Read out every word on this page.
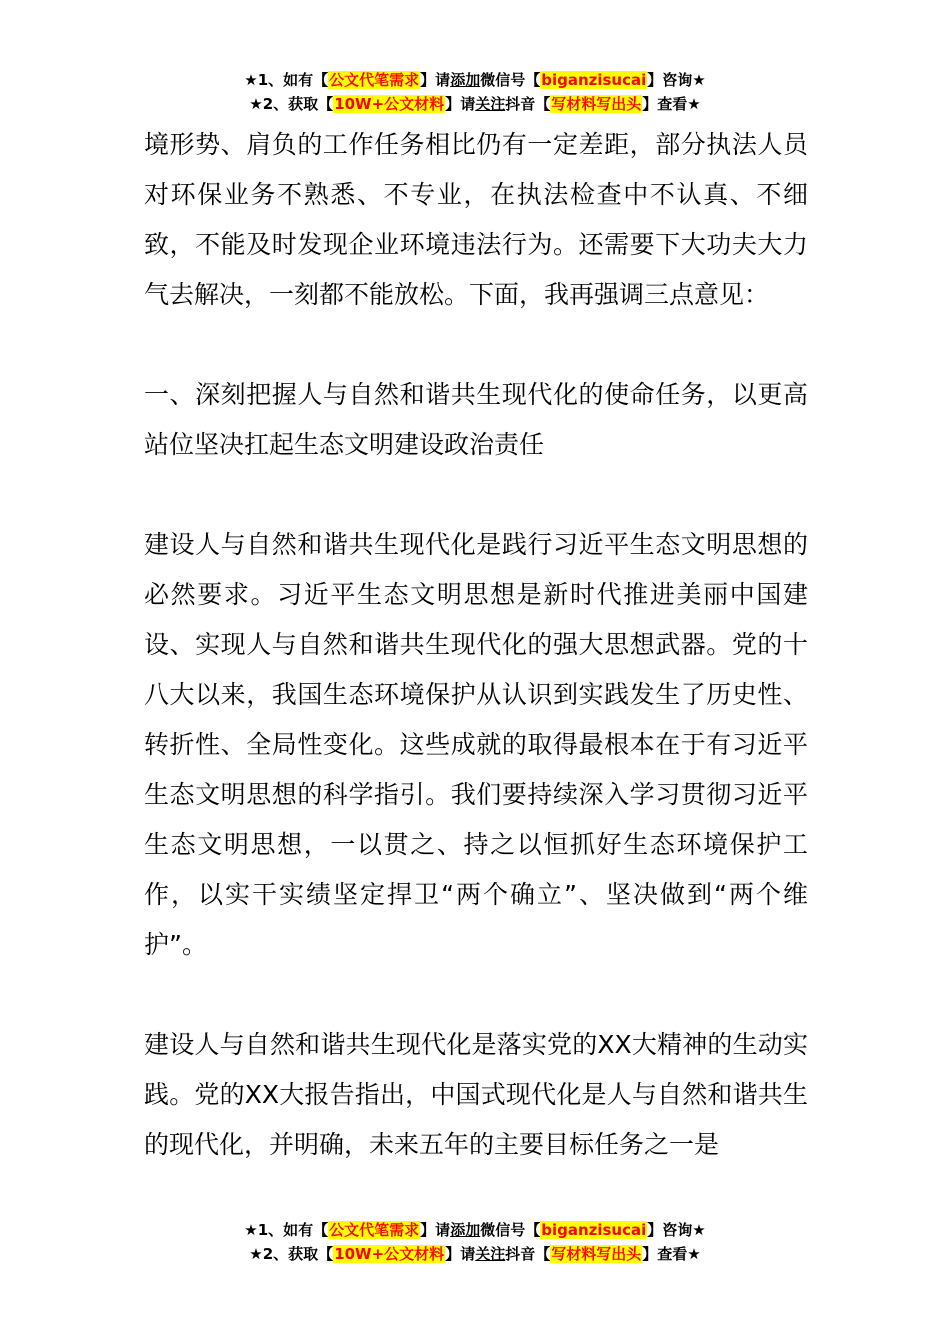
★1、如有【公文代笔需求】请添加微信号【biganzisucai】咨询★
★2、获取【10W+公文材料】请关注抖音【写材料写出头】查看★

境形势、肩负的工作任务相比仍有一定差距，部分执法人员对环保业务不熟悉、不专业，在执法检查中不认真、不细致，不能及时发现企业环境违法行为。还需要下大功夫大力气去解决，一刻都不能放松。下面，我再强调三点意见：

一、深刻把握人与自然和谐共生现代化的使命任务，以更高站位坚决扛起生态文明建设政治责任

建设人与自然和谐共生现代化是践行习近平生态文明思想的必然要求。习近平生态文明思想是新时代推进美丽中国建设、实现人与自然和谐共生现代化的强大思想武器。党的十八大以来，我国生态环境保护从认识到实践发生了历史性、转折性、全局性变化。这些成就的取得最根本在于有习近平生态文明思想的科学指引。我们要持续深入学习贯彻习近平生态文明思想，一以贯之、持之以恒抓好生态环境保护工作，以实干实绩坚定捍卫“两个确立”、坚决做到“两个维护”。

建设人与自然和谐共生现代化是落实党的XX大精神的生动实践。党的XX大报告指出，中国式现代化是人与自然和谐共生的现代化，并明确，未来五年的主要目标任务之一是

★1、如有【公文代笔需求】请添加微信号【biganzisucai】咨询★
★2、获取【10W+公文材料】请关注抖音【写材料写出头】查看★
